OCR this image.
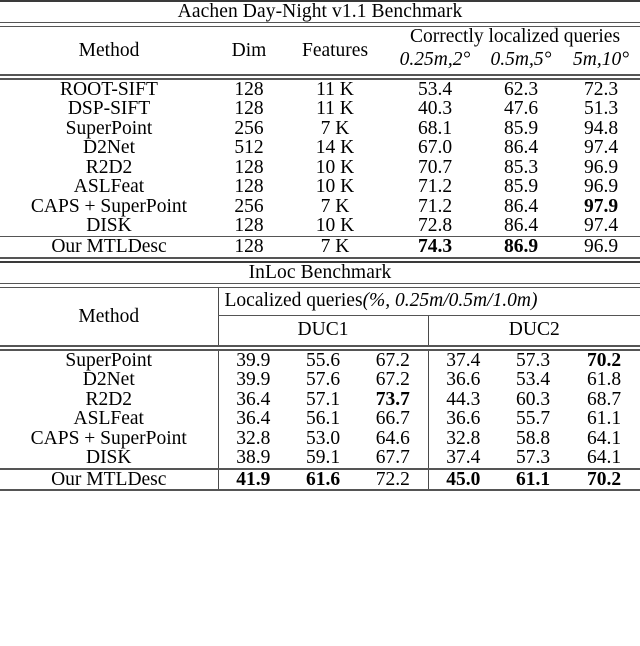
Aachen Day-Night v1.1 Benchmark
Method	Dim	Features	Correctly localized queries		
			0.25m,2°	0.5m,5°	5m,10°
ROOT-SIFT	128	11 K	53.4	62.3	72.3
DSP-SIFT	128	11 K	40.3	47.6	51.3
SuperPoint	256	7 K	68.1	85.9	94.8
D2Net	512	14 K	67.0	86.4	97.4
R2D2	128	10 K	70.7	85.3	96.9
ASLFeat	128	10 K	71.2	85.9	96.9
CAPS + SuperPoint	256	7 K	71.2	86.4	97.9
DISK	128	10 K	72.8	86.4	97.4
Our MTLDesc	128	7 K	74.3	86.9	96.9
InLoc Benchmark
Method	Localized queries(%, 0.25m/0.5m/1.0m)	
	DUC1	DUC2
SuperPoint	39.9	55.6	67.2	37.4	57.3	70.2
D2Net	39.9	57.6	67.2	36.6	53.4	61.8
R2D2	36.4	57.1	73.7	44.3	60.3	68.7
ASLFeat	36.4	56.1	66.7	36.6	55.7	61.1
CAPS + SuperPoint	32.8	53.0	64.6	32.8	58.8	64.1
DISK	38.9	59.1	67.7	37.4	57.3	64.1
Our MTLDesc	41.9	61.6	72.2	45.0	61.1	70.2
